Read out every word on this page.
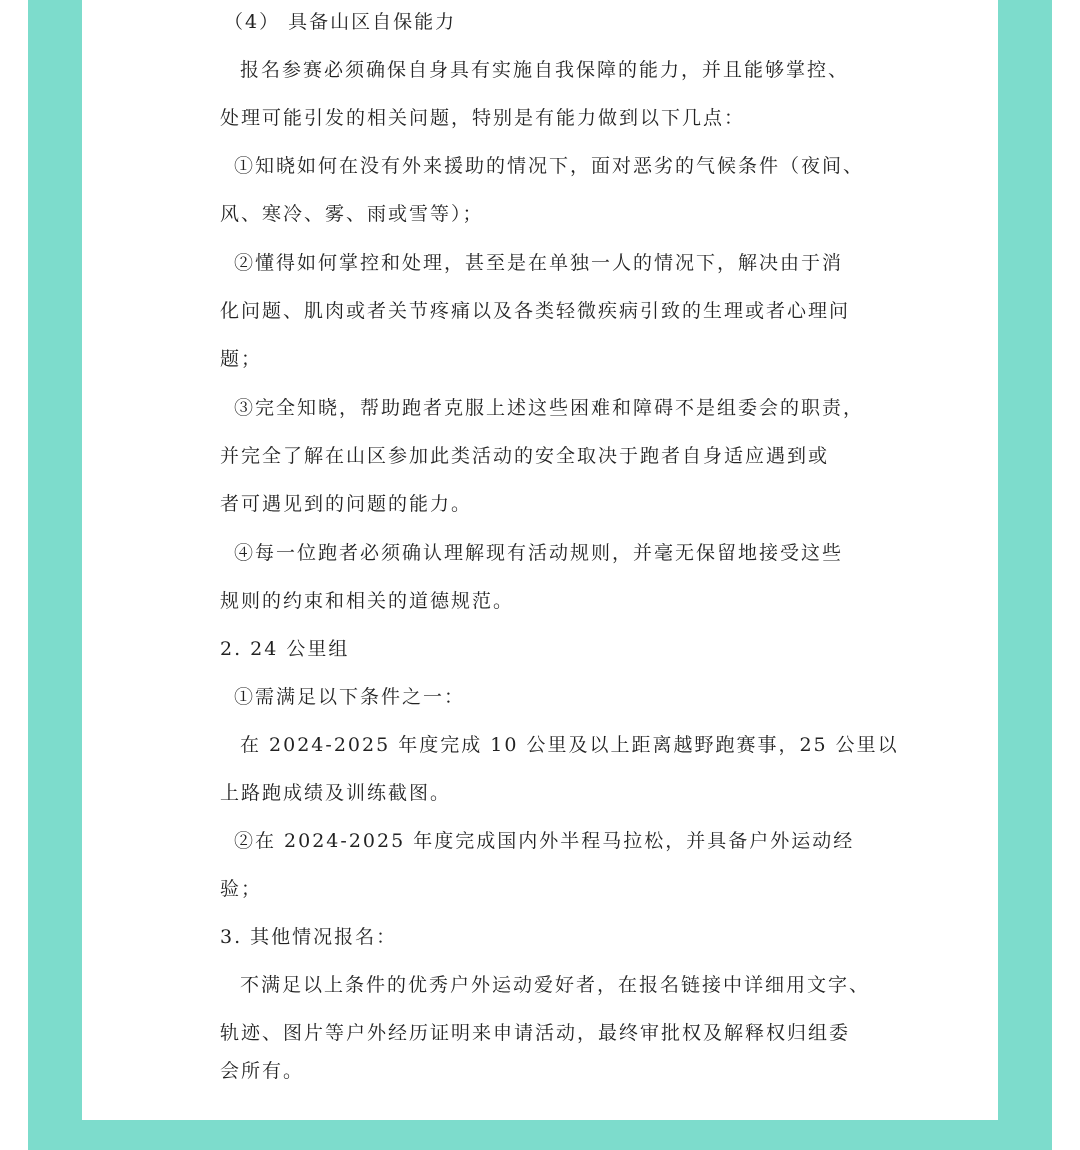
（4） 具备山区自保能力

报名参赛必须确保自身具有实施自我保障的能力，并且能够掌控、

处理可能引发的相关问题，特别是有能力做到以下几点：

①知晓如何在没有外来援助的情况下，面对恶劣的气候条件（夜间、

风、寒冷、雾、雨或雪等）；

②懂得如何掌控和处理，甚至是在单独一人的情况下，解决由于消

化问题、肌肉或者关节疼痛以及各类轻微疾病引致的生理或者心理问

题；

③完全知晓，帮助跑者克服上述这些困难和障碍不是组委会的职责，

并完全了解在山区参加此类活动的安全取决于跑者自身适应遇到或

者可遇见到的问题的能力。

④每一位跑者必须确认理解现有活动规则，并毫无保留地接受这些

规则的约束和相关的道德规范。

2. 24 公里组

①需满足以下条件之一：

在 2024-2025 年度完成 10 公里及以上距离越野跑赛事，25 公里以

上路跑成绩及训练截图。

②在 2024-2025 年度完成国内外半程马拉松，并具备户外运动经

验；

3. 其他情况报名：

不满足以上条件的优秀户外运动爱好者，在报名链接中详细用文字、

轨迹、图片等户外经历证明来申请活动，最终审批权及解释权归组委

会所有。
